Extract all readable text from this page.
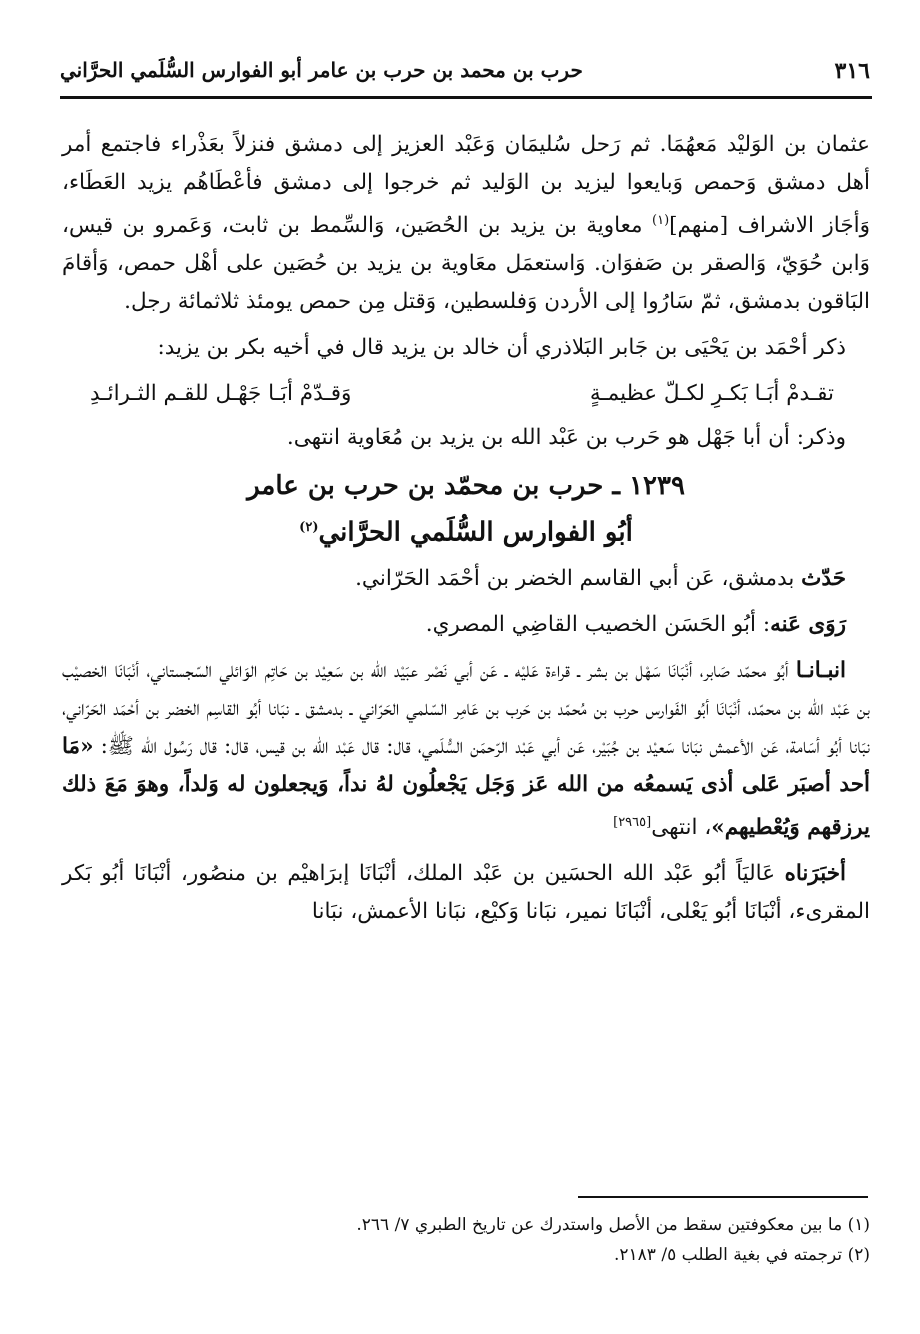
٣١٦
حرب بن محمد بن حرب بن عامر أبو الفوارس السُّلَمي الحرَّاني

عثمان بن الوَليْد مَعهُمَا. ثم رَحل سُليمَان وَعَبْد العزيز إلى دمشق فنزلاً بعَذْراء فاجتمع أمر أهل دمشق وَحمص وَبايعوا ليزيد بن الوَليد ثم خرجوا إلى دمشق فأعْطَاهُم يزيد العَطَاء، وَأجَاز الاشراف [منهم]$^{(١)}$ معاوية بن يزيد بن الحُصَين، وَالسِّمط بن ثابت، وَعَمرو بن قيس، وَابن حُوَيّ، وَالصقر بن صَفوَان. وَاستعمَل معَاوية بن يزيد بن حُصَين على أهْل حمص، وَأقامَ البَاقون بدمشق، ثمّ سَارُوا إلى الأردن وَفلسطين، وَقتل مِن حمص يومئذ ثلاثمائة رجل.

ذكر أحْمَد بن يَحْيَى بن جَابر البَلاذري أن خالد بن يزيد قال في أخيه بكر بن يزيد:

تقـدمْ أبَـا بَكـرِ لكـلّ عظيمـةٍ
وَقـدّمْ أبَـا جَهْـل للقـم الثـرائـدِ

وذكر: أن أبا جَهْل هو حَرب بن عَبْد الله بن يزيد بن مُعَاوية انتهى.

١٢٣٩ ـ حرب بن محمّد بن حرب بن عامر
أبُو الفوارس السُّلَمي الحرَّاني$^{(٢)}$

حَدّث بدمشق، عَن أبي القاسم الخضر بن أحْمَد الحَرّاني.

رَوَى عَنه: أبُو الحَسَن الخصيب القاضِي المصري.

انبـانـا أبُو محمّد صَابر، أنْبَانَا سَهْل بن بشر ـ قراءة عَليْه ـ عَن أبي نَصْر عبَيْد الله بن سَعِيْد بن حَاتِم الوَائلي السّجستاني، أنْبَانَا الخصيْب بن عَبْد الله بن محمّد، أنْبَانَا أبُو الفَوارس حرب بن مُحمّد بن حَرب بن عَامِر السّلمي الحَرّاني ـ بدمشق ـ نبَانا أبُو القاسِم الخضر بن أحْمَد الحَرّاني، نبَانا أبُو أسَامة، عَن الأعمش نبَانا سَعيْد بن جُبَيْر، عَن أبي عَبْد الرّحمَن السُّلَمي، قال: قال عَبْد الله بن قيس، قال: قال رَسُول الله ﷺ: «مَا أحد أصبَر عَلى أذى يَسمعُه من الله عَز وَجَل يَجْعلُون لهُ نداً، وَيجعلون له وَلداً، وهوَ مَعَ ذلك يرزقهم وَيُعْطيهم»، انتهى[٢٩٦٥]

أخبَرَناه عَاليَاً أبُو عَبْد الله الحسَين بن عَبْد الملك، أنْبَانَا إبرَاهيْم بن منصُور، أنْبَانَا أبُو بَكر المقرىء، أنْبَانَا أبُو يَعْلى، أنْبَانَا نمير، نبَانا وَكيْع، نبَانا الأعمش، نبَانا

(١) ما بين معكوفتين سقط من الأصل واستدرك عن تاريخ الطبري ٧/ ٢٦٦.

(٢) ترجمته في بغية الطلب ٥/ ٢١٨٣.
